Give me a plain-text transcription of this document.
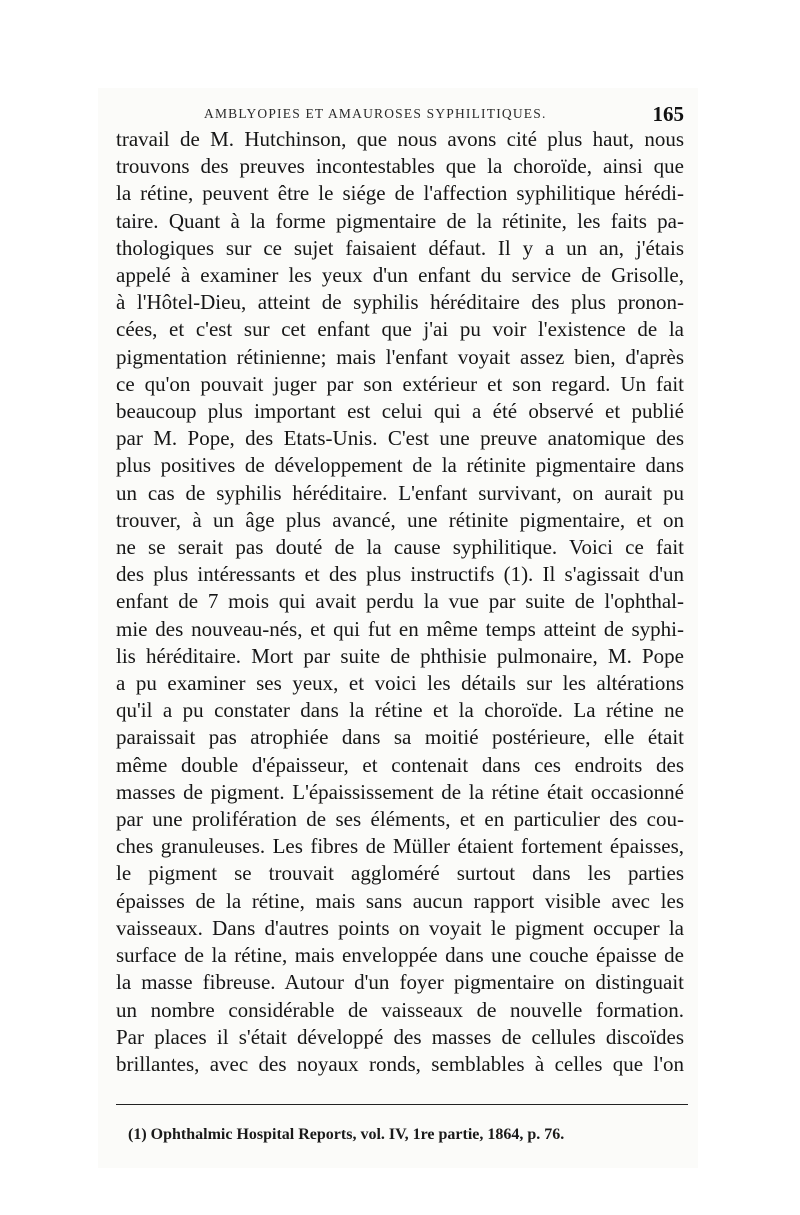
AMBLYOPIES ET AMAUROSES SYPHILITIQUES.	165
travail de M. Hutchinson, que nous avons cité plus haut, nous
trouvons des preuves incontestables que la choroïde, ainsi que
la rétine, peuvent être le siége de l'affection syphilitique hérédi-
taire. Quant à la forme pigmentaire de la rétinite, les faits pa-
thologiques sur ce sujet faisaient défaut. Il y a un an, j'étais
appelé à examiner les yeux d'un enfant du service de Grisolle,
à l'Hôtel-Dieu, atteint de syphilis héréditaire des plus pronon-
cées, et c'est sur cet enfant que j'ai pu voir l'existence de la
pigmentation rétinienne; mais l'enfant voyait assez bien, d'après
ce qu'on pouvait juger par son extérieur et son regard. Un fait
beaucoup plus important est celui qui a été observé et publié
par M. Pope, des Etats-Unis. C'est une preuve anatomique des
plus positives de développement de la rétinite pigmentaire dans
un cas de syphilis héréditaire. L'enfant survivant, on aurait pu
trouver, à un âge plus avancé, une rétinite pigmentaire, et on
ne se serait pas douté de la cause syphilitique. Voici ce fait
des plus intéressants et des plus instructifs (1). Il s'agissait d'un
enfant de 7 mois qui avait perdu la vue par suite de l'ophthal-
mie des nouveau-nés, et qui fut en même temps atteint de syphi-
lis héréditaire. Mort par suite de phthisie pulmonaire, M. Pope
a pu examiner ses yeux, et voici les détails sur les altérations
qu'il a pu constater dans la rétine et la choroïde. La rétine ne
paraissait pas atrophiée dans sa moitié postérieure, elle était
même double d'épaisseur, et contenait dans ces endroits des
masses de pigment. L'épaississement de la rétine était occasionné
par une prolifération de ses éléments, et en particulier des cou-
ches granuleuses. Les fibres de Müller étaient fortement épaisses,
le pigment se trouvait aggloméré surtout dans les parties
épaisses de la rétine, mais sans aucun rapport visible avec les
vaisseaux. Dans d'autres points on voyait le pigment occuper la
surface de la rétine, mais enveloppée dans une couche épaisse de
la masse fibreuse. Autour d'un foyer pigmentaire on distinguait
un nombre considérable de vaisseaux de nouvelle formation.
Par places il s'était développé des masses de cellules discoïdes
brillantes, avec des noyaux ronds, semblables à celles que l'on
(1) Ophthalmic Hospital Reports, vol. IV, 1re partie, 1864, p. 76.
